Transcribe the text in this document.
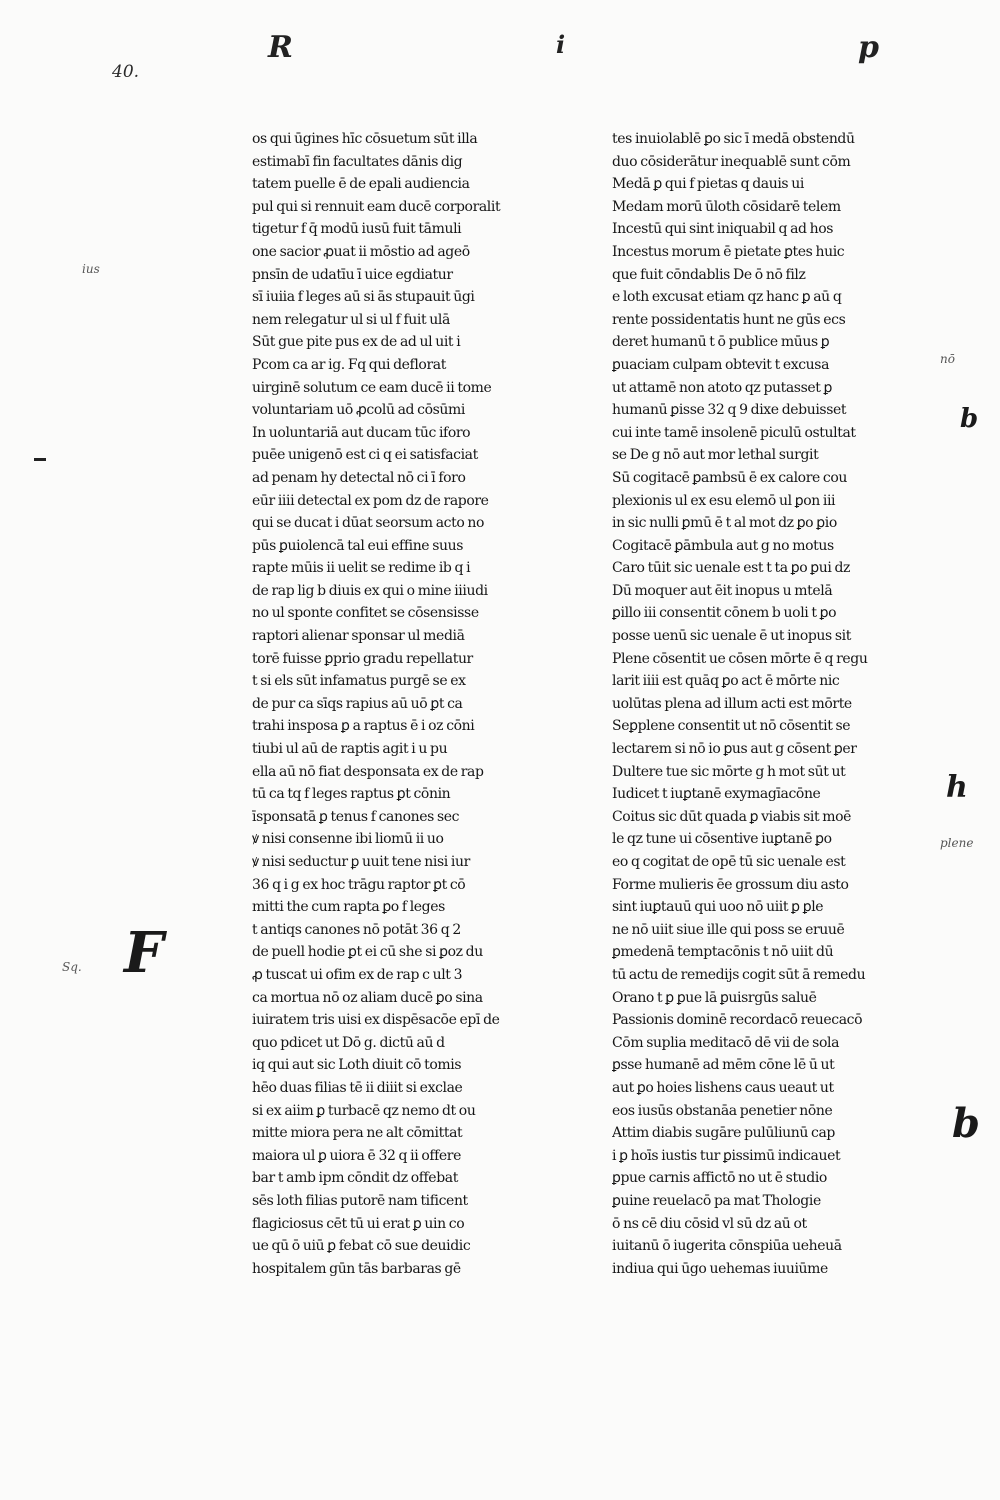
40.
R	i	p
ius
Sq.
nō
plene
F
b
h
b
os qui ūgines hīc cōsuetum sūt illa
estimabī fin facultates dānis dig
tatem puelle ē de epali audiencia
pul qui si rennuit eam ducē corporalit
tigetur f q̄ modū iusū fuit tāmuli
one sacior ꝓuat ii mōstio ad ageō
pnsīn de udatīu ī uice egdiatur
sī iuiia f leges aū si ās stupauit ūgi
nem relegatur ul si ul f fuit ulā
Sūt gue pite pus ex de ad ul uit i
Pcom ca ar ig. Fq qui deflorat
uirginē solutum ce eam ducē ii tome
voluntariam uō ꝓcolū ad cōsūmi
In uoluntariā aut ducam tūc iforo
puēe unigenō est ci q ei satisfaciat
ad penam hy detectal nō ci ī foro
eūr iiii detectal ex pom dz de rapore
qui se ducat i dūat seorsum acto no
pūs ꝑuiolencā tal eui effine suus
rapte mūis ii uelit se redime ib q i
de rap lig b diuis ex qui o mine iiiudi
no ul sponte confitet se cōsensisse
raptori alienar sponsar ul mediā
torē fuisse ꝑprio gradu repellatur
t si els sūt infamatus purgē se ex
de pur ca sīqs rapius aū uō ꝑt ca
trahi insposa ꝑ a raptus ē i oz cōni
tiubi ul aū de raptis agit i u pu
ella aū nō fiat desponsata ex de rap
tū ca tq f leges raptus ꝑt cōnin
īsponsatā ꝑ tenus f canones sec
ꝟ nisi consenne ibi liomū ii uo
ꝟ nisi seductur ꝑ uuit tene nisi iur
36 q i g ex hoc trāgu raptor ꝑt cō
mitti the cum rapta ꝑo f leges
t antiqs canones nō potāt 36 q 2
de puell hodie ꝑt ei cū she si ꝑoz du
ꝓ tuscat ui ofim ex de rap c ult 3
ca mortua nō oz aliam ducē ꝑo sina
iuiratem tris uisi ex dispēsacōe epī de
quo pdicet ut Dō g. dictū aū d
iq qui aut sic Loth diuit cō tomis
hēo duas filias tē ii diiit si exclae
si ex aiim ꝑ turbacē qz nemo dt ou
mitte miora pera ne alt cōmittat
maiora ul ꝑ uiora ē 32 q ii offere
bar t amb ipm cōndit dz offebat
sēs loth filias putorē nam tificent
flagiciosus cēt tū ui erat ꝑ uin co
ue qū ō uiū ꝑ febat cō sue deuidic
hospitalem gūn tās barbaras gē
tes inuiolablē ꝑo sic ī medā obstendū
duo cōsiderātur inequablē sunt cōm
Medā ꝑ qui f pietas q dauis ui
Medam morū ūloth cōsidarē telem
Incestū qui sint iniquabil q ad hos
Incestus morum ē pietate ꝑtes huic
que fuit cōndablis De ō nō filz
e loth excusat etiam qz hanc ꝑ aū q
rente possidentatis hunt ne gūs ecs
deret humanū t ō publice mūus ꝑ
ꝑuaciam culpam obtevit t excusa
ut attamē non atoto qz putasset ꝑ
humanū ꝑisse 32 q 9 dixe debuisset
cui inte tamē insolenē piculū ostultat
se De g nō aut mor lethal surgit
Sū cogitacē ꝑambsū ē ex calore cou
plexionis ul ex esu elemō ul ꝑon iii
in sic nulli ꝑmū ē t al mot dz ꝑo ꝑio
Cogitacē ꝑāmbula aut g no motus
Caro tūit sic uenale est t ta ꝑo ꝑui dz
Dū moquer aut ēit inopus u mtelā
ꝑillo iii consentit cōnem b uoli t ꝑo
posse uenū sic uenale ē ut inopus sit
Plene cōsentit ue cōsen mōrte ē q regu
larit iiii est quāq ꝑo act ē mōrte nic
uolūtas plena ad illum acti est mōrte
Seꝑplene consentit ut nō cōsentit se
lectarem si nō io ꝑus aut g cōsent ꝑer
Dultere tue sic mōrte g h mot sūt ut
Iudicet t iuꝑtanē exymagīacōne
Coitus sic dūt quada ꝑ viabis sit moē
le qz tune ui cōsentive iuꝑtanē ꝑo
eo q cogitat de opē tū sic uenale est
Forme mulieris ēe grossum diu asto
sint iuꝑtauū qui uoo nō uiit ꝑ ꝑle
ne nō uiit siue ille qui poss se eruuē
ꝑmedenā temptacōnis t nō uiit dū
tū actu de remedijs cogit sūt ā remedu
Orano t ꝑ ꝑue lā ꝑuisrgūs saluē
Passionis dominē recordacō reuecacō
Cōm suplia meditacō dē vii de sola
ꝑsse humanē ad mēm cōne lē ū ut
aut ꝑo hoies lishens caus ueaut ut
eos iusūs obstanāa penetier nōne
Attim diabis sugāre pulūliunū cap
i ꝑ hoīs iustis tur ꝑissimū indicauet
ꝑpue carnis affictō no ut ē studio
ꝑuine reuelacō pa mat Thologie
ō ns cē diu cōsid vl sū dz aū ot
iuitanū ō iugerita cōnspiūa ueheuā
indiua qui ūgo uehemas iuuiūme
